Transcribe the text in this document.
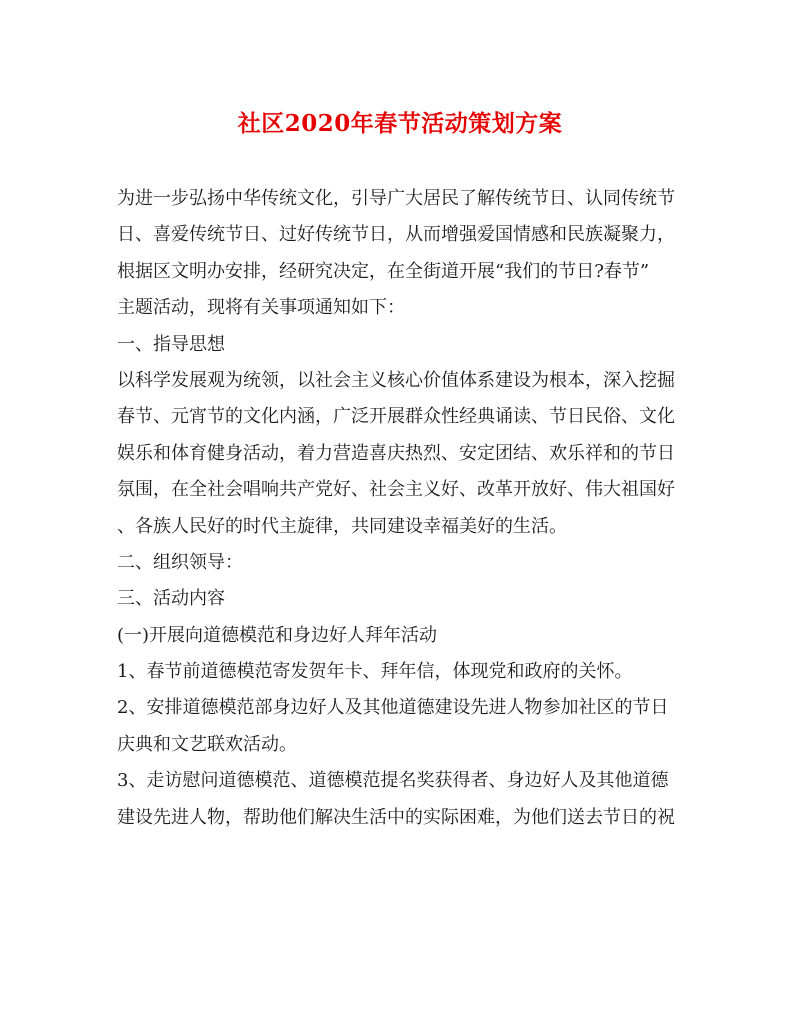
社区2020年春节活动策划方案
为进一步弘扬中华传统文化，引导广大居民了解传统节日、认同传统节
日、喜爱传统节日、过好传统节日，从而增强爱国情感和民族凝聚力，
根据区文明办安排，经研究决定，在全街道开展“我们的节日?春节”
主题活动，现将有关事项通知如下：
一、指导思想
以科学发展观为统领，以社会主义核心价值体系建设为根本，深入挖掘
春节、元宵节的文化内涵，广泛开展群众性经典诵读、节日民俗、文化
娱乐和体育健身活动，着力营造喜庆热烈、安定团结、欢乐祥和的节日
氛围，在全社会唱响共产党好、社会主义好、改革开放好、伟大祖国好
、各族人民好的时代主旋律，共同建设幸福美好的生活。
二、组织领导：
三、活动内容
(一)开展向道德模范和身边好人拜年活动
1、春节前道德模范寄发贺年卡、拜年信，体现党和政府的关怀。
2、安排道德模范部身边好人及其他道德建设先进人物参加社区的节日
庆典和文艺联欢活动。
3、走访慰问道德模范、道德模范提名奖获得者、身边好人及其他道德
建设先进人物，帮助他们解决生活中的实际困难，为他们送去节日的祝
